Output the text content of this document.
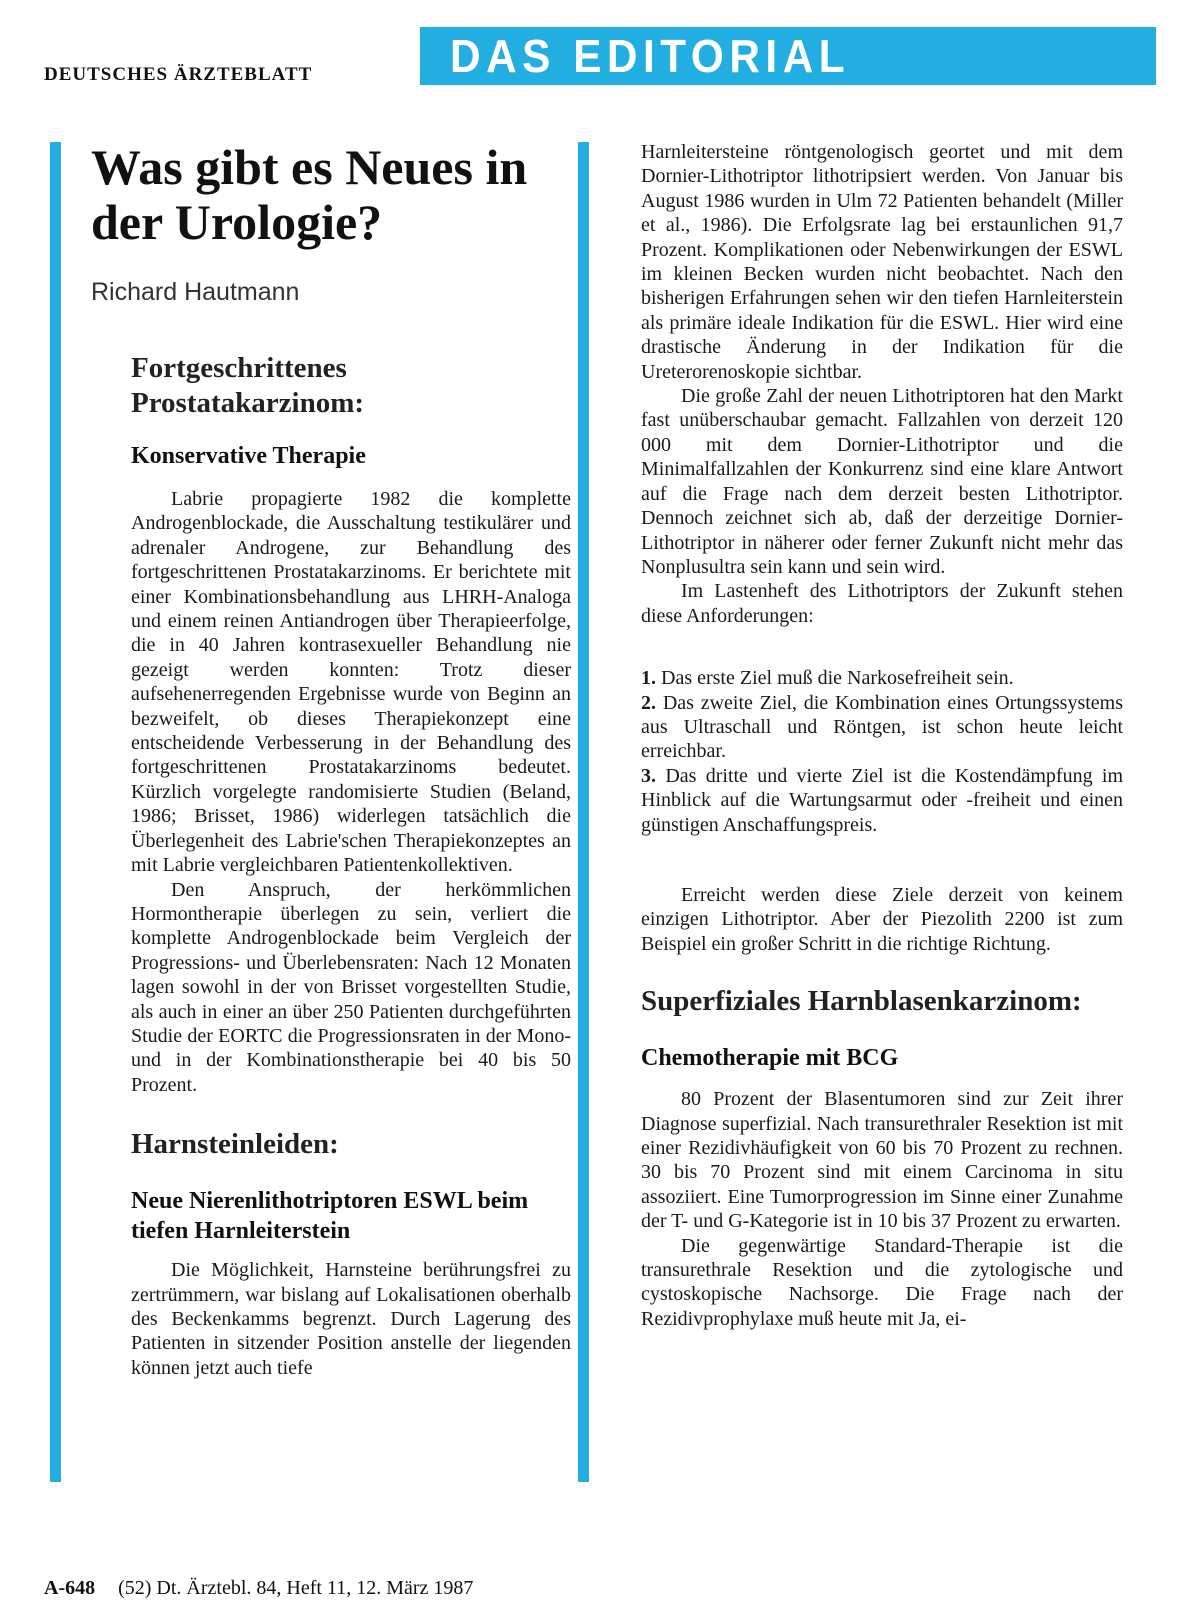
DEUTSCHES ÄRZTEBLATT	DAS EDITORIAL
Was gibt es Neues in der Urologie?

Richard Hautmann

Fortgeschrittenes Prostatakarzinom:
Konservative Therapie

Labrie propagierte 1982 die komplette Androgenblockade, die Ausschaltung testikulärer und adrenaler Androgene, zur Behandlung des fortgeschrittenen Prostatakarzinoms. Er berichtete mit einer Kombinationsbehandlung aus LHRH-Analoga und einem reinen Antiandrogen über Therapieerfolge, die in 40 Jahren kontrasexueller Behandlung nie gezeigt werden konnten: Trotz dieser aufsehenerregenden Ergebnisse wurde von Beginn an bezweifelt, ob dieses Therapiekonzept eine entscheidende Verbesserung in der Behandlung des fortgeschrittenen Prostatakarzinoms bedeutet. Kürzlich vorgelegte randomisierte Studien (Beland, 1986; Brisset, 1986) widerlegen tatsächlich die Überlegenheit des Labrie'schen Therapiekonzeptes an mit Labrie vergleichbaren Patientenkollektiven.

Den Anspruch, der herkömmlichen Hormontherapie überlegen zu sein, verliert die komplette Androgenblockade beim Vergleich der Progressions- und Überlebensraten: Nach 12 Monaten lagen sowohl in der von Brisset vorgestellten Studie, als auch in einer an über 250 Patienten durchgeführten Studie der EORTC die Progressionsraten in der Mono- und in der Kombinationstherapie bei 40 bis 50 Prozent.

Harnsteinleiden:
Neue Nierenlithotriptoren ESWL beim tiefen Harnleiterstein

Die Möglichkeit, Harnsteine berührungsfrei zu zertrümmern, war bislang auf Lokalisationen oberhalb des Beckenkamms begrenzt. Durch Lagerung des Patienten in sitzender Position anstelle der liegenden können jetzt auch tiefe

Harnleitersteine röntgenologisch geortet und mit dem Dornier-Lithotriptor lithotripsiert werden. Von Januar bis August 1986 wurden in Ulm 72 Patienten behandelt (Miller et al., 1986). Die Erfolgsrate lag bei erstaunlichen 91,7 Prozent. Komplikationen oder Nebenwirkungen der ESWL im kleinen Becken wurden nicht beobachtet. Nach den bisherigen Erfahrungen sehen wir den tiefen Harnleiterstein als primäre ideale Indikation für die ESWL. Hier wird eine drastische Änderung in der Indikation für die Ureterorenoskopie sichtbar.

Die große Zahl der neuen Lithotriptoren hat den Markt fast unüberschaubar gemacht. Fallzahlen von derzeit 120 000 mit dem Dornier-Lithotriptor und die Minimalfallzahlen der Konkurrenz sind eine klare Antwort auf die Frage nach dem derzeit besten Lithotriptor. Dennoch zeichnet sich ab, daß der derzeitige Dornier-Lithotriptor in näherer oder ferner Zukunft nicht mehr das Nonplusultra sein kann und sein wird.

Im Lastenheft des Lithotriptors der Zukunft stehen diese Anforderungen:

1. Das erste Ziel muß die Narkosefreiheit sein.
2. Das zweite Ziel, die Kombination eines Ortungssystems aus Ultraschall und Röntgen, ist schon heute leicht erreichbar.
3. Das dritte und vierte Ziel ist die Kostendämpfung im Hinblick auf die Wartungsarmut oder -freiheit und einen günstigen Anschaffungspreis.

Erreicht werden diese Ziele derzeit von keinem einzigen Lithotriptor. Aber der Piezolith 2200 ist zum Beispiel ein großer Schritt in die richtige Richtung.

Superfiziales Harnblasenkarzinom:
Chemotherapie mit BCG

80 Prozent der Blasentumoren sind zur Zeit ihrer Diagnose superfizial. Nach transurethraler Resektion ist mit einer Rezidivhäufigkeit von 60 bis 70 Prozent zu rechnen. 30 bis 70 Prozent sind mit einem Carcinoma in situ assoziiert. Eine Tumorprogression im Sinne einer Zunahme der T- und G-Kategorie ist in 10 bis 37 Prozent zu erwarten.

Die gegenwärtige Standard-Therapie ist die transurethrale Resektion und die zytologische und cystoskopische Nachsorge. Die Frage nach der Rezidivprophylaxe muß heute mit Ja, ei-

A-648 (52) Dt. Ärztebl. 84, Heft 11, 12. März 1987
